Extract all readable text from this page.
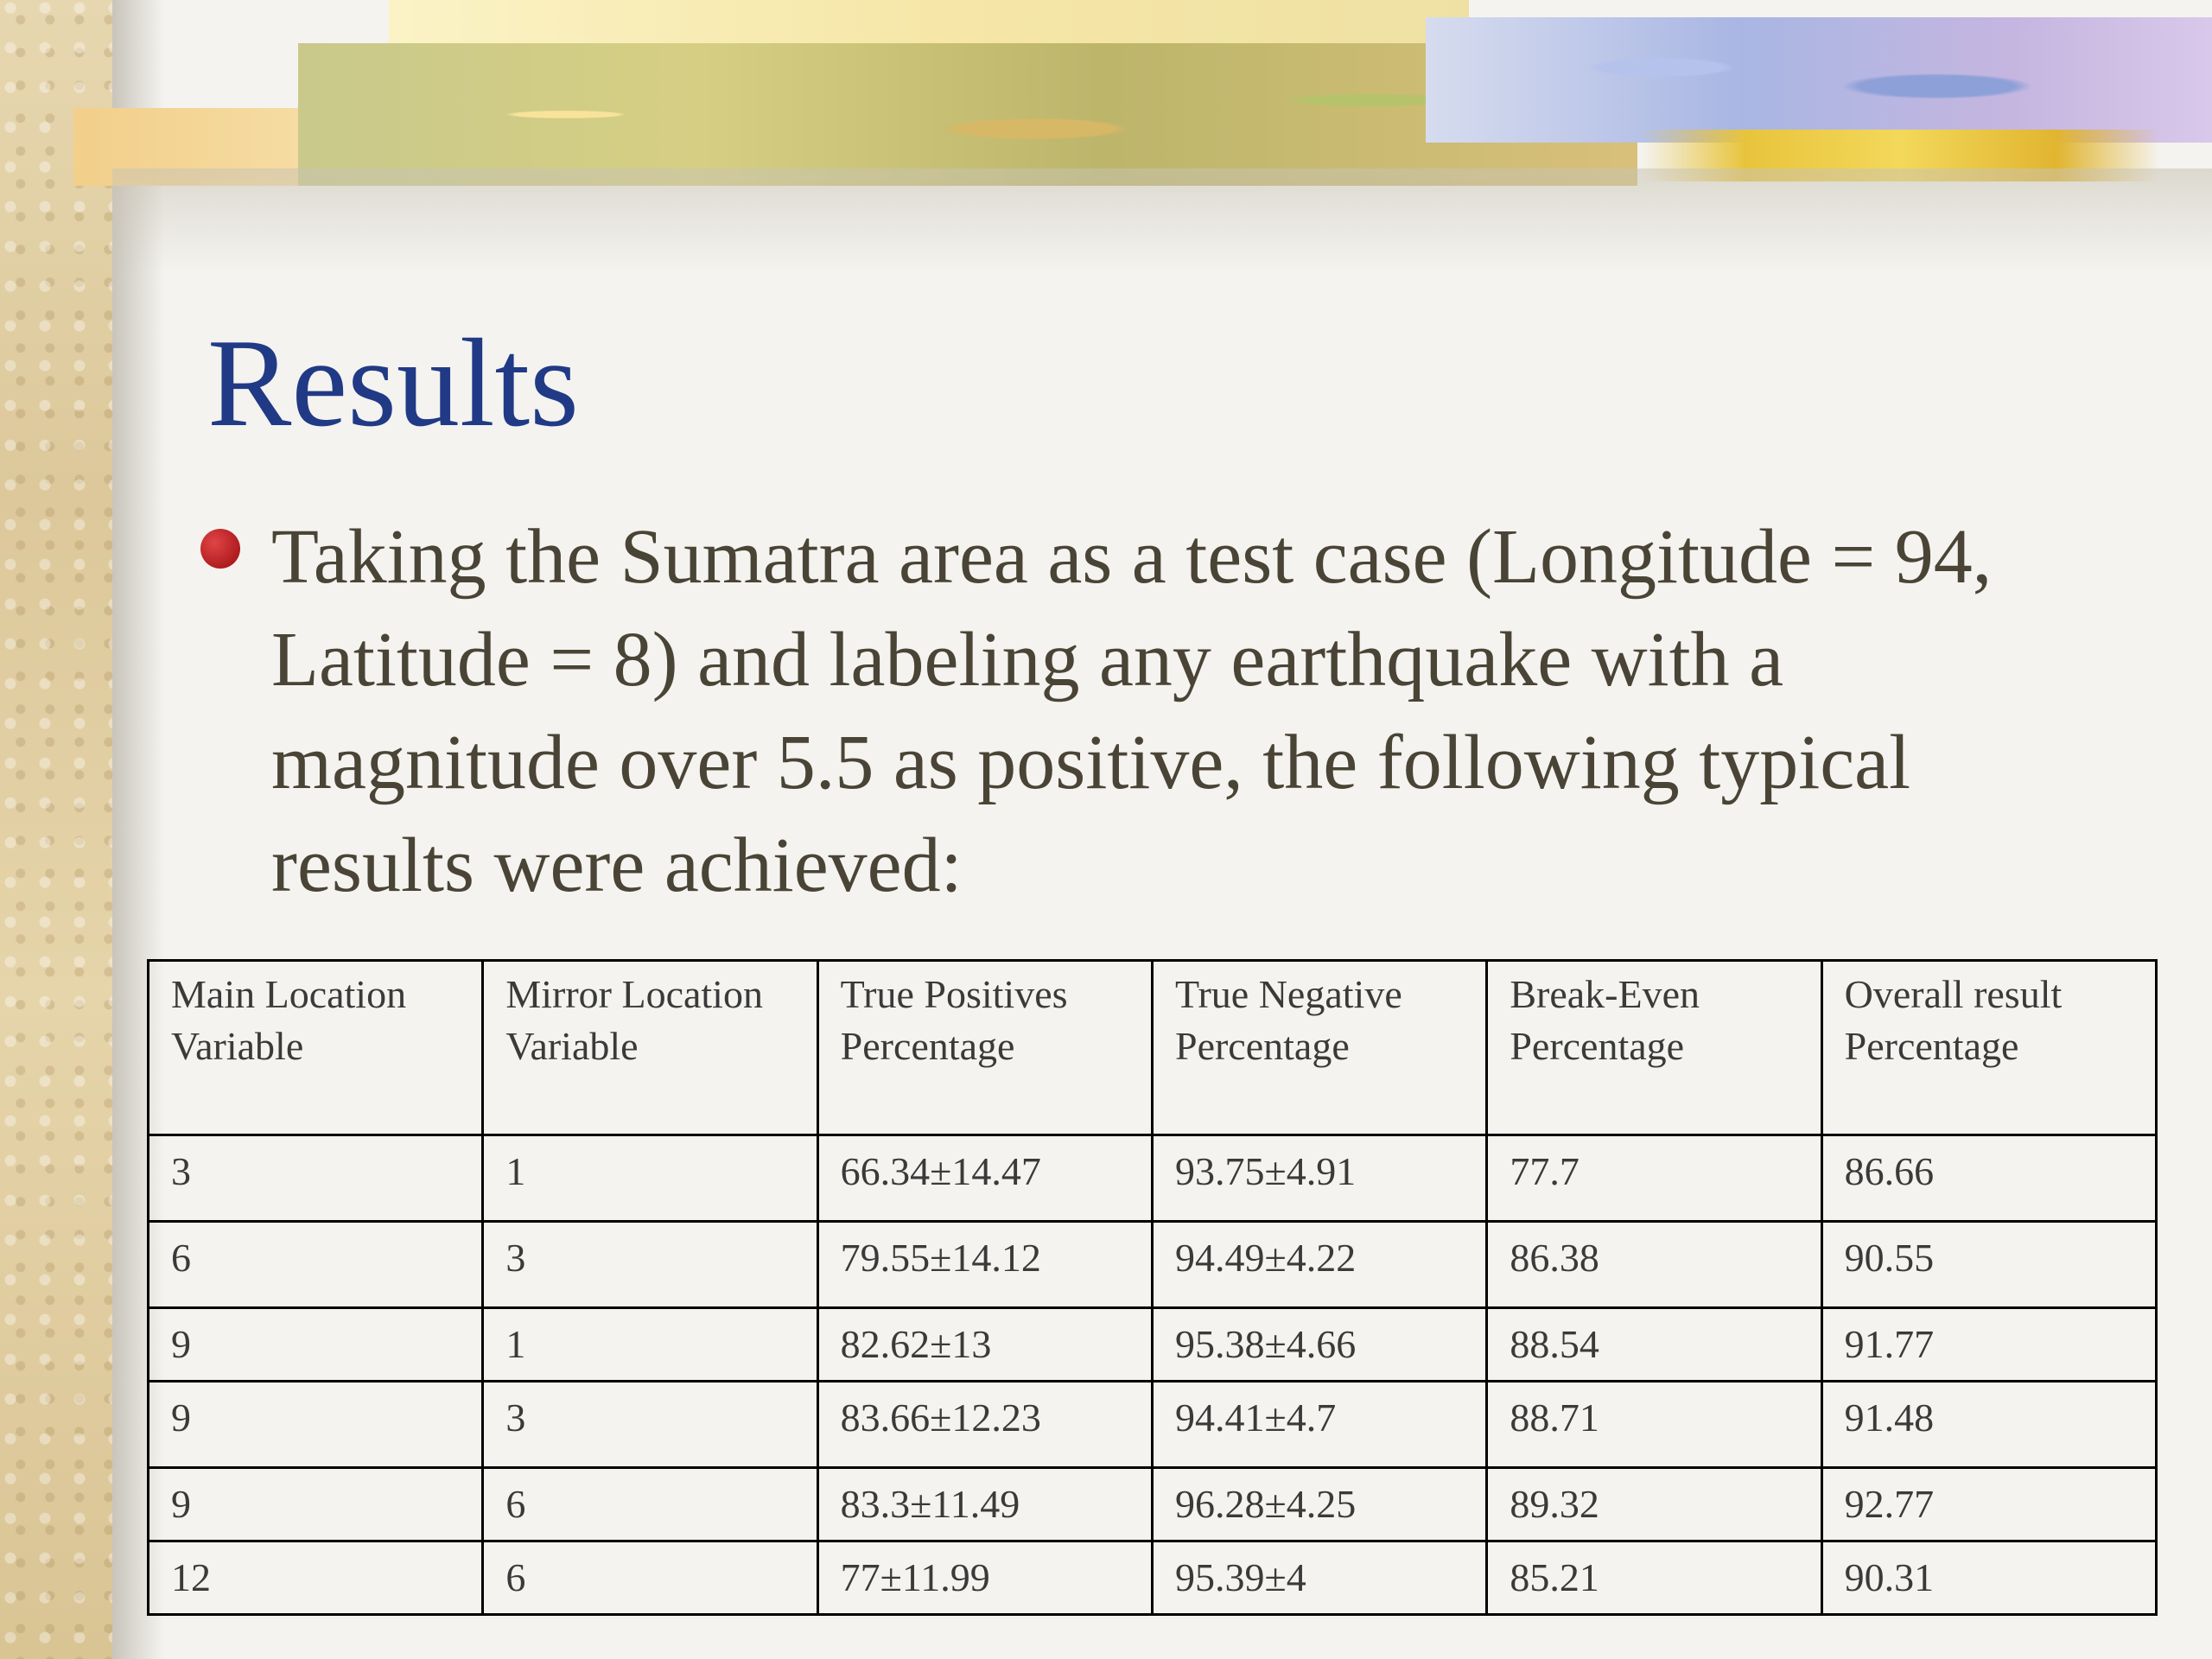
Results

Taking the Sumatra area as a test case (Longitude = 94, Latitude = 8) and labeling any earthquake with a magnitude over 5.5 as positive, the following typical results were achieved:

Main Location Variable	Mirror Location Variable	True Positives Percentage	True Negative Percentage	Break-Even Percentage	Overall result Percentage

3	1	66.34±14.47	93.75±4.91	77.7	86.66
6	3	79.55±14.12	94.49±4.22	86.38	90.55
9	1	82.62±13	95.38±4.66	88.54	91.77
9	3	83.66±12.23	94.41±4.7	88.71	91.48
9	6	83.3±11.49	96.28±4.25	89.32	92.77
12	6	77±11.99	95.39±4	85.21	90.31
